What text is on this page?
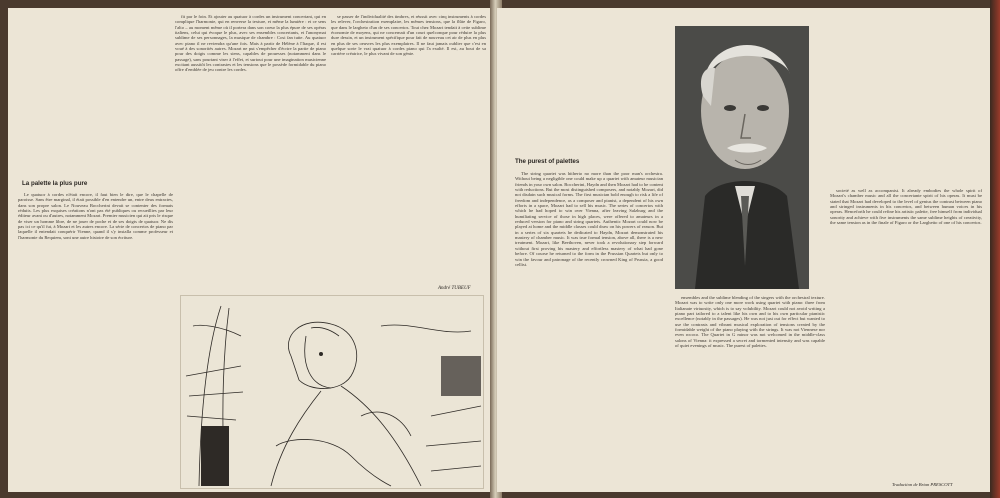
fit par le foin. Et ajouter au quatuor à cordes un instrument concertant, qui en complique l'harmonie, qui en renverse la texture, et même la lumière : et ce sens l'alto – au moment même où il portera dans son coeur la plus épure de ses opéras italiens, celui qui évoque le plus, avec ses ensembles concertants, et l'anonymat sublime de ses personnages, la musique de chambre : Cosi fan tutte. Au quatuor avec piano il ne reviendra qu'une fois. Mais à partir de Hélène à l'Itaque, il est voué à des sonorités autres. Mozart ne put s'empêcher d'écrire la partie de piano pour des doigts comme les siens, capables de prouesses (notamment dans le passage), sans pourtant viser à l'effet, et surtout pour une imagination musicienne excitant aussitôt les contrastes et les tensions que le possède formidable du piano offre d'emblée de jeu contre les cordes.

se passer de l'individualité des timbres, et réussit avec cinq instruments à cordes les relever, l'orchestration exemplaire, les mêmes tensions, que la flûte de Figaro, que dans le largheto d'un de ses concertos. Tout chez Mozart tendait à cette sublime économie de moyens, qui ne concernait d'un court quelconque pour réduire la plus dure dessin, et un instrument spécifique pour fait de nouveau cet air de plus en plus en plus de ses oeuvres les plus exemplaires. Il ne faut jamais oublier que c'est en quelque sorte le vrai quatuor à cordes piano qui l'a exalté. Il est, au bout de sa carrière créatrice, le plus vivant de son génie.

La palette la plus pure

Le quatuor à cordes n'était encore, il faut bien le dire, que le chapelle de paroisse. Sans être marginal, il était possible d'en entendre un, entre deux entractes, dans son propre salon. Le Nouveau Boccherini devait se contenter des formats réduits. Les plus exquises créations n'ont pas été publiques ou recueillies par leur éditeur avant ou d'autres, notamment Mozart. Premier musicien qui ait pris le risque de viser un homme libre, de ne jouer de poche et de ses doigts de quatuor. Ne dis pas ici ce qu'il fut, à Mozart et les autres encore. La série de concertos de piano par laquelle il entendait conquérir Vienne, quand il s'y installa comme professeur et l'harmonie du Requiem, sont une autre histoire de son écriture.

André TUBEUF
The purest of palettes

The string quartet was hitherto no more than the poor man's orchestra. Without being a negligible one could make up a quartet with amateur musician friends in your own salon. Boccherini, Haydn and then Mozart had to be content with reductions. But the most distinguished composers, and notably Mozart, did not disdain such musical forms. The first musician bold enough to risk a life of freedom and independence, as a composer and pianist, a dependent of his own efforts in a space, Mozart had to sell his music. The series of concertos with which he had hoped to win over Vienna, after leaving Salzburg and the humiliating service of those in high places, were offered to amateurs in a reduced version for piano and string quartets. Authentic Mozart could now be played at home and the middle classes could draw on his powers of reason. But in a series of six quartets he dedicated to Haydn, Mozart demonstrated his mastery of chamber music. It was true formal tension, above all, there is a new treatment. Mozart, like Beethoven, never took a revolutionary step forward without first proving his mastery and effortless mastery of what had gone before. Of course he returned to the form in the Prussian Quartets but only to win the favour and patronage of the recently crowned King of Prussia, a good cellist.

ensembles and the sublime blending of the singers with the orchestral texture. Mozart was to write only one more work using quartet with piano: three from Italianate virtuosity, which is to say volubility. Mozart could not avoid writing a piano part tailored to a talent like his own and to his own particular pianistic excellence (notably in the passages). He was not just out for effect but wanted to use the contrasts and vibrant musical exploration of tensions created by the formidable weight of the piano playing with the strings. It was not Viennese nor even rococo. The Quartet in G minor was not welcomed in the middle-class salons of Vienna: it expressed a secret and tormented intensity and was capable of quiet evenings of music. The purest of palettes.

societé as well as accompanist. It already embodies the whole spirit of Mozart's chamber music and all the concertante spirit of his operas. It must be stated that Mozart had developed to the level of genius the contrast between piano and stringed instruments in his concertos, and between human voices in his operas. Henceforth he could refine his artistic palette, free himself from individual sonority and achieve with five instruments the same sublime heights of creativity, the same tension as in the finale of Figaro or the Larghetto of one of his concertos.

Traduction de Brian PRESCOTT
